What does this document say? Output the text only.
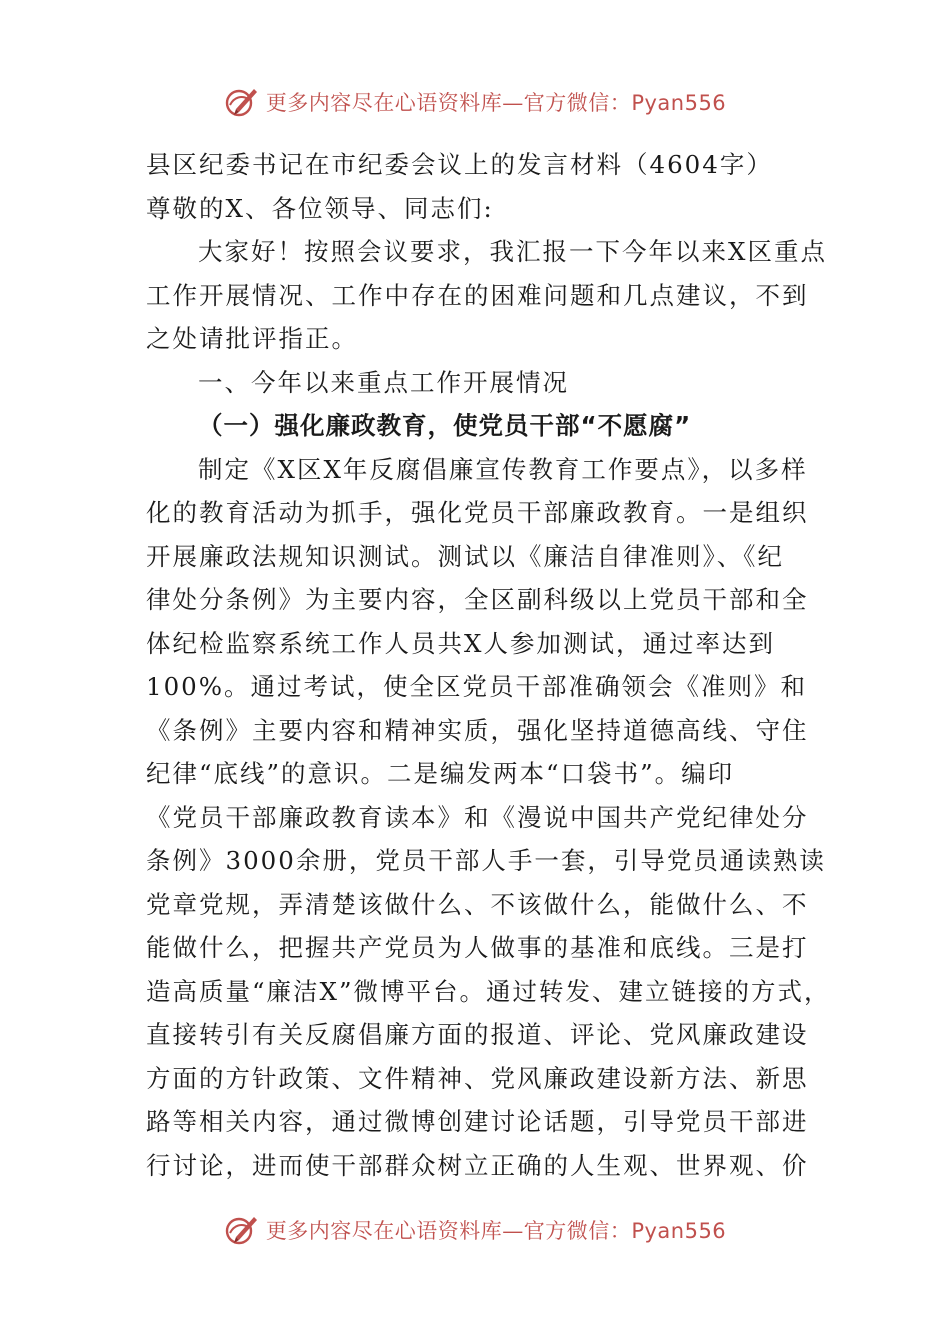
更多内容尽在心语资料库—官方微信：Pyan556
县区纪委书记在市纪委会议上的发言材料（4604字）
尊敬的X、各位领导、同志们:
大家好！按照会议要求，我汇报一下今年以来X区重点
工作开展情况、工作中存在的困难问题和几点建议，不到
之处请批评指正。
一、今年以来重点工作开展情况
（一）强化廉政教育，使党员干部“不愿腐”
制定《X区X年反腐倡廉宣传教育工作要点》，以多样
化的教育活动为抓手，强化党员干部廉政教育。一是组织
开展廉政法规知识测试。测试以《廉洁自律准则》、《纪
律处分条例》为主要内容，全区副科级以上党员干部和全
体纪检监察系统工作人员共X人参加测试，通过率达到
100%。通过考试，使全区党员干部准确领会《准则》和
《条例》主要内容和精神实质，强化坚持道德高线、守住
纪律“底线”的意识。二是编发两本“口袋书”。编印
《党员干部廉政教育读本》和《漫说中国共产党纪律处分
条例》3000余册，党员干部人手一套，引导党员通读熟读
党章党规，弄清楚该做什么、不该做什么，能做什么、不
能做什么，把握共产党员为人做事的基准和底线。三是打
造高质量“廉洁X”微博平台。通过转发、建立链接的方式，
直接转引有关反腐倡廉方面的报道、评论、党风廉政建设
方面的方针政策、文件精神、党风廉政建设新方法、新思
路等相关内容，通过微博创建讨论话题，引导党员干部进
行讨论，进而使干部群众树立正确的人生观、世界观、价
更多内容尽在心语资料库—官方微信：Pyan556
